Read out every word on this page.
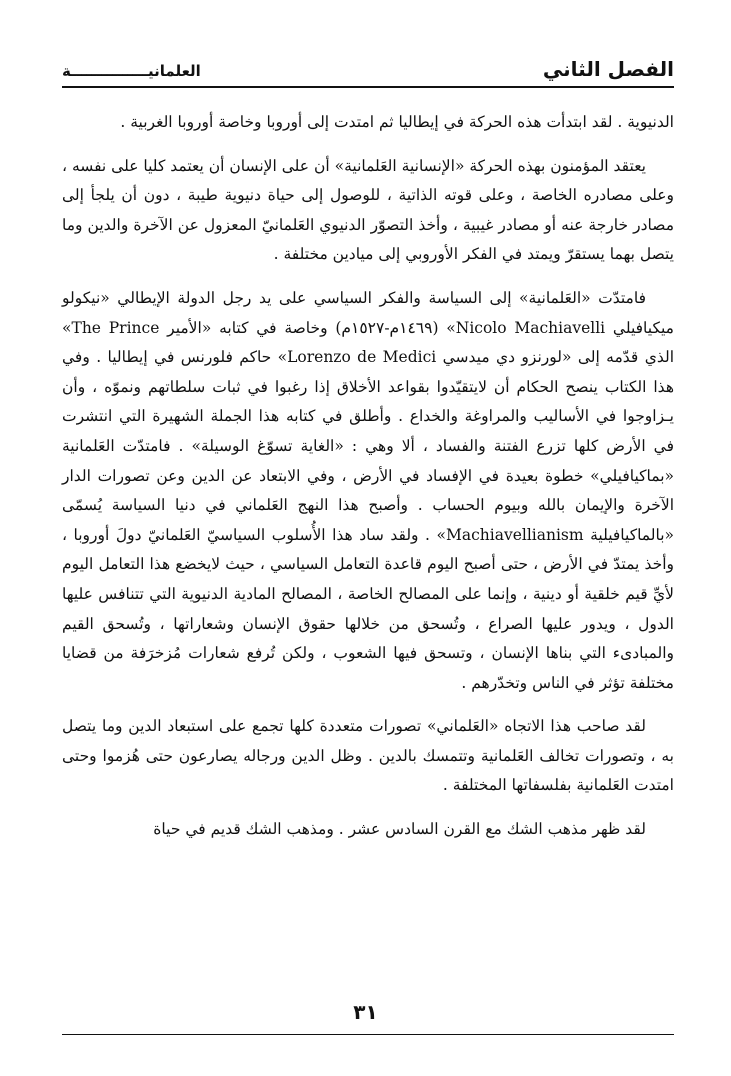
الفصل الثاني
العلمانيـــــــــــــــة

الدنيوية . لقد ابتدأت هذه الحركة في إيطاليا ثم امتدت إلى أوروبا وخاصة أوروبا الغربية .

يعتقد المؤمنون بهذه الحركة «الإنسانية العَلمانية» أن على الإنسان أن يعتمد كليا على نفسه ، وعلى مصادره الخاصة ، وعلى قوته الذاتية ، للوصول إلى حياة دنيوية طيبة ، دون أن يلجأ إلى مصادر خارجة عنه أو مصادر غيبية ، وأخذ التصوّر الدنيوي العَلمانيّ المعزول عن الآخرة والدين وما يتصل بهما يستقرّ ويمتد في الفكر الأوروبي إلى ميادين مختلفة .

فامتدّت «العَلمانية» إلى السياسة والفكر السياسي على يد رجل الدولة الإيطالي «نيكولو ميكيافيلي Nicolo Machiavelli» (١٤٦٩م-١٥٢٧م) وخاصة في كتابه «الأمير The Prince» الذي قدّمه إلى «لورنزو دي ميدسي Lorenzo de Medici» حاكم فلورنس في إيطاليا . وفي هذا الكتاب ينصح الحكام أن لايتقيّدوا بقواعد الأخلاق إذا رغبوا في ثبات سلطاتهم ونموّه ، وأن يـزاوجوا في الأساليب والمراوغة والخداع . وأطلق في كتابه هذا الجملة الشهيرة التي انتشرت في الأرض كلها تزرع الفتنة والفساد ، ألا وهي : «الغاية تسوّغ الوسيلة» . فامتدّت العَلمانية «بماكيافيلي» خطوة بعيدة في الإفساد في الأرض ، وفي الابتعاد عن الدين وعن تصورات الدار الآخرة والإيمان بالله وبيوم الحساب . وأصبح هذا النهج العَلماني في دنيا السياسة يُسمّى «بالماكيافيلية Machiavellianism» . ولقد ساد هذا الأُسلوب السياسيّ العَلمانيّ دولَ أوروبا ، وأخذ يمتدّ في الأرض ، حتى أصبح اليوم قاعدة التعامل السياسي ، حيث لايخضع هذا التعامل اليوم لأيِّ قيم خلقية أو دينية ، وإنما على المصالح الخاصة ، المصالح المادية الدنيوية التي تتنافس عليها الدول ، ويدور عليها الصراع ، وتُسحق من خلالها حقوق الإنسان وشعاراتها ، وتُسحق القيم والمبادىء التي بناها الإنسان ، وتسحق فيها الشعوب ، ولكن تُرفع شعارات مُزخرَفة من قضايا مختلفة تؤثر في الناس وتخدّرهم .

لقد صاحب هذا الاتجاه «العَلماني» تصورات متعددة كلها تجمع على استبعاد الدين وما يتصل به ، وتصورات تخالف العَلمانية وتتمسك بالدين . وظل الدين ورجاله يصارعون حتى هُزموا وحتى امتدت العَلمانية بفلسفاتها المختلفة .

لقد ظهر مذهب الشك مع القرن السادس عشر . ومذهب الشك قديم في حياة

٣١
